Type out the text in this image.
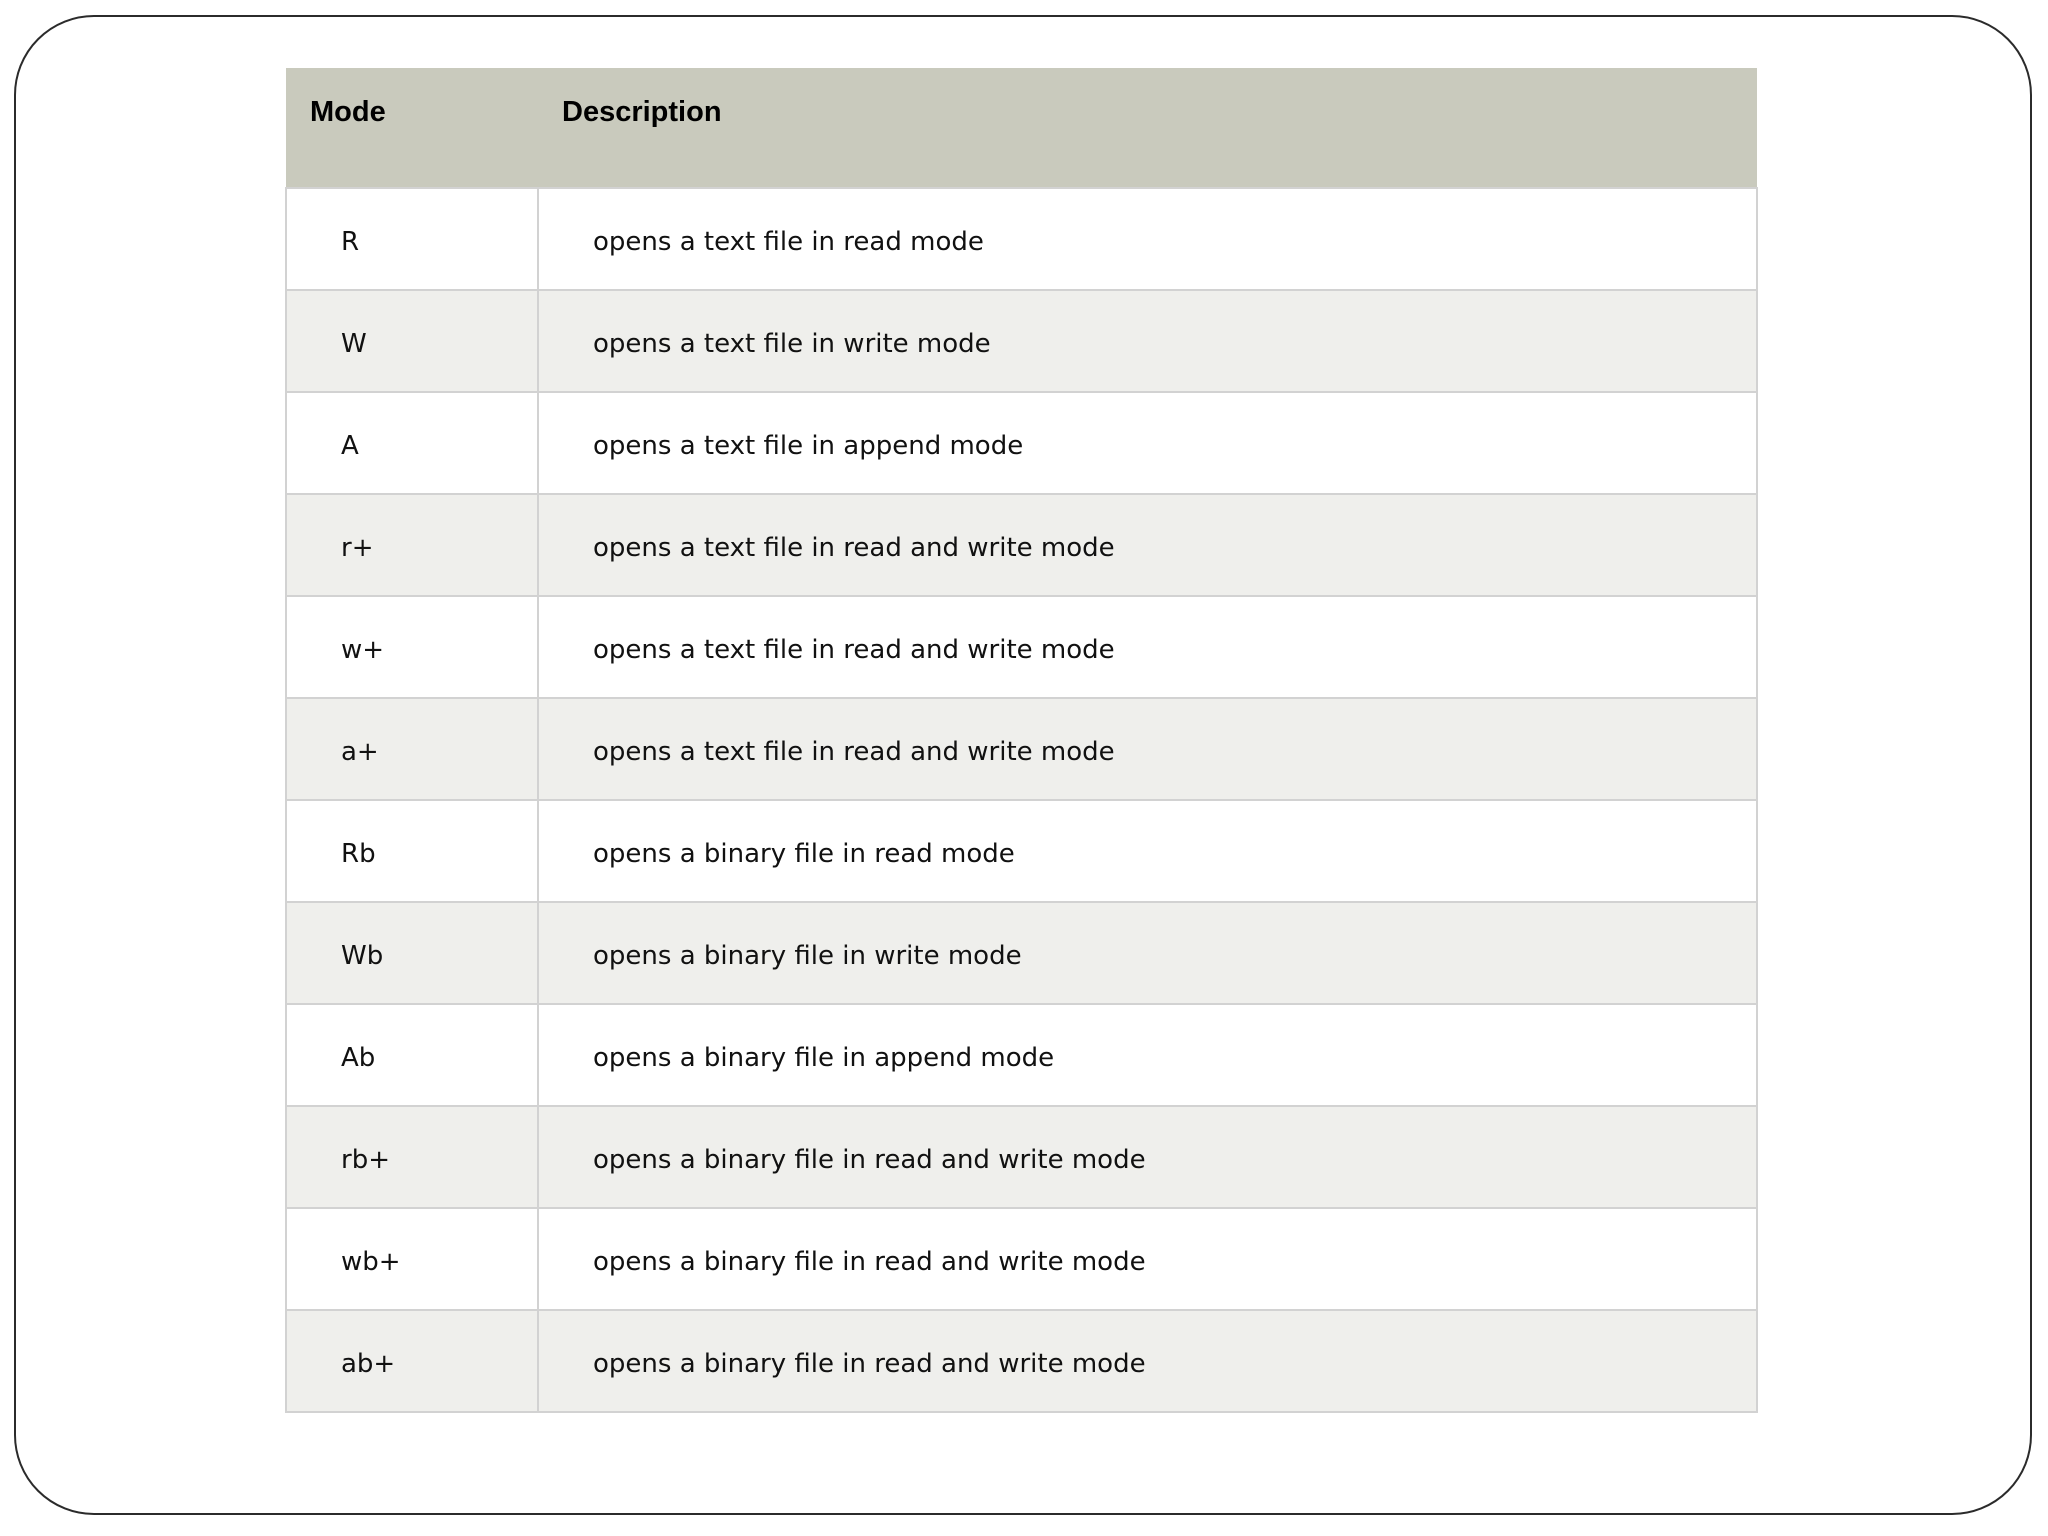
Mode	Description
R	opens a text file in read mode
W	opens a text file in write mode
A	opens a text file in append mode
r+	opens a text file in read and write mode
w+	opens a text file in read and write mode
a+	opens a text file in read and write mode
Rb	opens a binary file in read mode
Wb	opens a binary file in write mode
Ab	opens a binary file in append mode
rb+	opens a binary file in read and write mode
wb+	opens a binary file in read and write mode
ab+	opens a binary file in read and write mode
